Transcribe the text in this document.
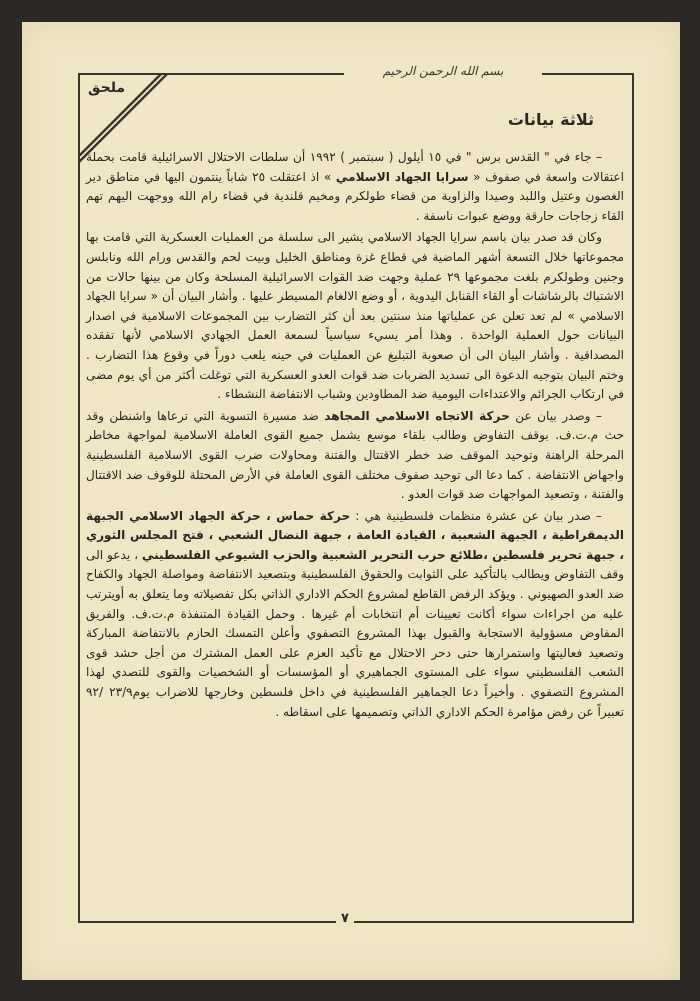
بسم الله الرحمن الرحيم
ملحق
ثلاثة بيانات

– جاء في " القدس برس " في ١٥ أيلول ( سبتمبر ) ١٩٩٢ أن سلطات الاحتلال الاسرائيلية قامت بحملة اعتقالات واسعة في صفوف « سرايا الجهاد الاسلامي » اذ اعتقلت ٢٥ شاباً ينتمون اليها في مناطق دير الغصون وعتيل واللبد وصيدا والزاوية من قضاء طولكرم ومخيم قلندية في قضاء رام الله ووجهت اليهم تهم القاء زجاجات حارقة ووضع عبوات ناسفة .

وكان قد صدر بيان باسم سرايا الجهاد الاسلامي يشير الى سلسلة من العمليات العسكرية التي قامت بها مجموعاتها خلال التسعة أشهر الماضية في قطاع غزة ومناطق الخليل وبيت لحم والقدس ورام الله ونابلس وجنين وطولكرم بلغت مجموعها ٢٩ عملية وجهت ضد القوات الاسرائيلية المسلحة وكان من بينها حالات من الاشتباك بالرشاشات أو القاء القنابل اليدوية ، أو وضع الالغام المسيطر عليها . وأشار البيان أن « سرايا الجهاد الاسلامي » لم تعد تعلن عن عملياتها منذ سنتين بعد أن كثر التضارب بين المجموعات الاسلامية في اصدار البيانات حول العملية الواحدة . وهذا أمر يسيء سياسياً لسمعة العمل الجهادي الاسلامي لأنها تفقده المصداقية . وأشار البيان الى أن صعوبة التبليغ عن العمليات في حينه يلعب دوراً في وقوع هذا التضارب . وختم البيان بتوجيه الدعوة الى تسديد الضربات ضد قوات العدو العسكرية التي توغلت أكثر من أي يوم مضى في ارتكاب الجرائم والاعتداءات اليومية ضد المطاودين وشباب الانتفاضة النشطاء .

– وصدر بيان عن حركة الاتجاه الاسلامي المجاهد ضد مسيرة التسوية التي ترعاها واشنطن وقد حث م.ت.ف. بوقف التفاوض وطالب بلقاء موسع يشمل جميع القوى العاملة الاسلامية لمواجهة مخاطر المرحلة الراهنة وتوحيد الموقف ضد خطر الاقتتال والفتنة ومحاولات ضرب القوى الاسلامية الفلسطينية واجهاض الانتفاضة . كما دعا الى توحيد صفوف مختلف القوى العاملة في الأرض المحتلة للوقوف ضد الاقتتال والفتنة ، وتصعيد المواجهات ضد قوات العدو .

– صدر بيان عن عشرة منظمات فلسطينية هي : حركة حماس ، حركة الجهاد الاسلامي الجبهة الديمقراطية ، الجبهة الشعبية ، القيادة العامة ، جبهة النضال الشعبي ، فتح المجلس الثوري ، جبهة تحرير فلسطين ،طلائع حرب التحرير الشعبية والحزب الشيوعي الفلسطيني ، يدعو الى وقف التفاوض ويطالب بالتأكيد على الثوابت والحقوق الفلسطينية وبتصعيد الانتفاضة ومواصلة الجهاد والكفاح ضد العدو الصهيوني . ويؤكد الرفض القاطع لمشروع الحكم الاداري الذاتي بكل تفصيلاته وما يتعلق به أويترتب عليه من اجراءات سواء أكانت تعيينات أم انتخابات أم غيرها . وحمل القيادة المتنفذة م.ت.ف. والفريق المفاوض مسؤولية الاستجابة والقبول بهذا المشروع التصفوي وأعلن التمسك الحازم بالانتفاضة المباركة وتصعيد فعاليتها واستمرارها حتى دحر الاحتلال مع تأكيد العزم على العمل المشترك من أجل حشد قوى الشعب الفلسطيني سواء على المستوى الجماهيري أو المؤسسات أو الشخصيات والقوى للتصدي لهذا المشروع التصفوي . وأخيراً دعا الجماهير الفلسطينية في داخل فلسطين وخارجها للاضراب يوم٢٣/٩ /٩٢ تعبيراً عن رفض مؤامرة الحكم الاداري الذاتي وتصميمها على اسقاطه .

٧
